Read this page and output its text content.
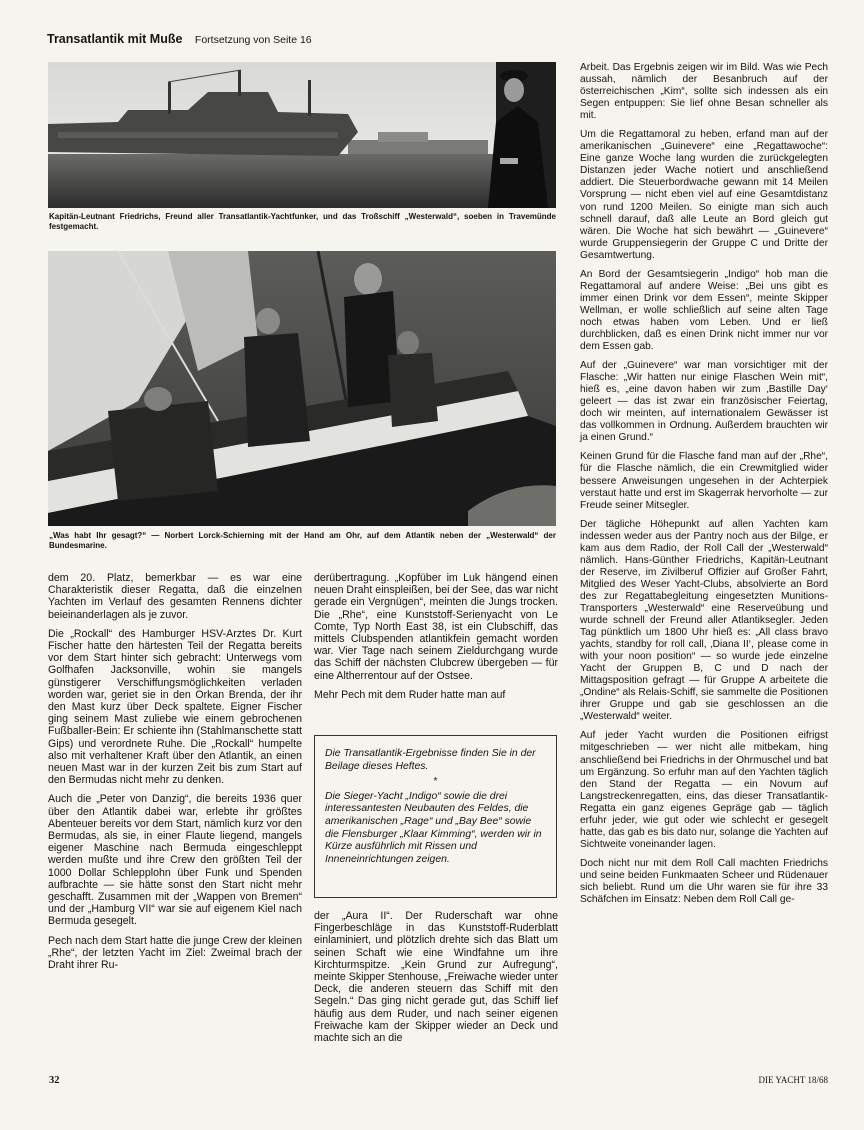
Transatlantik mit Muße Fortsetzung von Seite 16
Kapitän-Leutnant Friedrichs, Freund aller Transatlantik-Yachtfunker, und das Troßschiff „Westerwald“, soeben in Travemünde festgemacht.
„Was habt Ihr gesagt?“ — Norbert Lorck-Schierning mit der Hand am Ohr, auf dem Atlantik neben der „Westerwald“ der Bundesmarine.

dem 20. Platz, bemerkbar — es war eine Charakteristik dieser Regatta, daß die einzelnen Yachten im Verlauf des gesamten Rennens dichter beieinanderlagen als je zuvor.

Die „Rockall“ des Hamburger HSV-Arztes Dr. Kurt Fischer hatte den härtesten Teil der Regatta bereits vor dem Start hinter sich gebracht: Unterwegs vom Golfhafen Jacksonville, wohin sie mangels günstigerer Verschiffungsmöglichkeiten verladen worden war, geriet sie in den Orkan Brenda, der ihr den Mast kurz über Deck spaltete. Eigner Fischer ging seinem Mast zuliebe wie einem gebrochenen Fußballer-Bein: Er schiente ihn (Stahlmanschette statt Gips) und verordnete Ruhe. Die „Rockall“ humpelte also mit verhaltener Kraft über den Atlantik, an einen neuen Mast war in der kurzen Zeit bis zum Start auf den Bermudas nicht mehr zu denken.

Auch die „Peter von Danzig“, die bereits 1936 quer über den Atlantik dabei war, erlebte ihr größtes Abenteuer bereits vor dem Start, nämlich kurz vor den Bermudas, als sie, in einer Flaute liegend, mangels eigener Maschine nach Bermuda eingeschleppt werden mußte und ihre Crew den größten Teil der 1000 Dollar Schlepplohn über Funk und Spenden aufbrachte — sie hätte sonst den Start nicht mehr geschafft. Zusammen mit der „Wappen von Bremen“ und der „Hamburg VII“ war sie auf eigenem Kiel nach Bermuda gesegelt.

Pech nach dem Start hatte die junge Crew der kleinen „Rhe“, der letzten Yacht im Ziel: Zweimal brach der Draht ihrer Ru-

derübertragung. „Kopfüber im Luk hängend einen neuen Draht einspleißen, bei der See, das war nicht gerade ein Vergnügen“, meinten die Jungs trocken. Die „Rhe“, eine Kunststoff-Serienyacht von Le Comte, Typ North East 38, ist ein Clubschiff, das mittels Clubspenden atlantikfein gemacht worden war. Vier Tage nach seinem Zieldurchgang wurde das Schiff der nächsten Clubcrew übergeben — für eine Altherrentour auf der Ostsee.

Mehr Pech mit dem Ruder hatte man auf

Die Transatlantik-Ergebnisse finden Sie in der Beilage dieses Heftes.

*

Die Sieger-Yacht „Indigo“ sowie die drei interessantesten Neubauten des Feldes, die amerikanischen „Rage“ und „Bay Bee“ sowie die Flensburger „Klaar Kimming“, werden wir in Kürze ausführlich mit Rissen und Inneneinrichtungen zeigen.

der „Aura II“. Der Ruderschaft war ohne Fingerbeschläge in das Kunststoff-Ruderblatt einlaminiert, und plötzlich drehte sich das Blatt um seinen Schaft wie eine Windfahne um ihre Kirchturmspitze. „Kein Grund zur Aufregung“, meinte Skipper Stenhouse, „Freiwache wieder unter Deck, die anderen steuern das Schiff mit den Segeln.“ Das ging nicht gerade gut, das Schiff lief häufig aus dem Ruder, und nach seiner eigenen Freiwache kam der Skipper wieder an Deck und machte sich an die

Arbeit. Das Ergebnis zeigen wir im Bild. Was wie Pech aussah, nämlich der Besanbruch auf der österreichischen „Kim“, sollte sich indessen als ein Segen entpuppen: Sie lief ohne Besan schneller als mit.

Um die Regattamoral zu heben, erfand man auf der amerikanischen „Guinevere“ eine „Regattawoche“: Eine ganze Woche lang wurden die zurückgelegten Distanzen jeder Wache notiert und anschließend addiert. Die Steuerbordwache gewann mit 14 Meilen Vorsprung — nicht eben viel auf eine Gesamtdistanz von rund 1200 Meilen. So einigte man sich auch schnell darauf, daß alle Leute an Bord gleich gut wären. Die Woche hat sich bewährt — „Guinevere“ wurde Gruppensiegerin der Gruppe C und Dritte der Gesamtwertung.

An Bord der Gesamtsiegerin „Indigo“ hob man die Regattamoral auf andere Weise: „Bei uns gibt es immer einen Drink vor dem Essen“, meinte Skipper Wellman, er wolle schließlich auf seine alten Tage noch etwas haben vom Leben. Und er ließ durchblicken, daß es einen Drink nicht immer nur vor dem Essen gab.

Auf der „Guinevere“ war man vorsichtiger mit der Flasche: „Wir hatten nur einige Flaschen Wein mit“, hieß es, „eine davon haben wir zum ‚Bastille Day‘ geleert — das ist zwar ein französischer Feiertag, doch wir meinten, auf internationalem Gewässer ist das vollkommen in Ordnung. Außerdem brauchten wir ja einen Grund.“

Keinen Grund für die Flasche fand man auf der „Rhe“, für die Flasche nämlich, die ein Crewmitglied wider bessere Anweisungen ungesehen in der Achterpiek verstaut hatte und erst im Skagerrak hervorholte — zur Freude seiner Mitsegler.

Der tägliche Höhepunkt auf allen Yachten kam indessen weder aus der Pantry noch aus der Bilge, er kam aus dem Radio, der Roll Call der „Westerwald“ nämlich. Hans-Günther Friedrichs, Kapitän-Leutnant der Reserve, im Zivilberuf Offizier auf Großer Fahrt, Mitglied des Weser Yacht-Clubs, absolvierte an Bord des zur Regattabegleitung eingesetzten Munitions-Transporters „Westerwald“ eine Reserveübung und wurde schnell der Freund aller Atlantiksegler. Jeden Tag pünktlich um 1800 Uhr hieß es: „All class bravo yachts, standby for roll call, ‚Diana II‘, please come in with your noon position“ — so wurde jede einzelne Yacht der Gruppen B, C und D nach der Mittagsposition gefragt — für Gruppe A arbeitete die „Ondine“ als Relais-Schiff, sie sammelte die Positionen ihrer Gruppe und gab sie geschlossen an die „Westerwald“ weiter.

Auf jeder Yacht wurden die Positionen eifrigst mitgeschrieben — wer nicht alle mitbekam, hing anschließend bei Friedrichs in der Ohrmuschel und bat um Ergänzung. So erfuhr man auf den Yachten täglich den Stand der Regatta — ein Novum auf Langstreckenregatten, eins, das dieser Transatlantik-Regatta ein ganz eigenes Gepräge gab — täglich erfuhr jeder, wie gut oder wie schlecht er gesegelt hatte, das gab es bis dato nur, solange die Yachten auf Sichtweite voneinander lagen.

Doch nicht nur mit dem Roll Call machten Friedrichs und seine beiden Funkmaaten Scheer und Rüdenauer sich beliebt. Rund um die Uhr waren sie für ihre 33 Schäfchen im Einsatz: Neben dem Roll Call ge-

32	DIE YACHT 18/68
